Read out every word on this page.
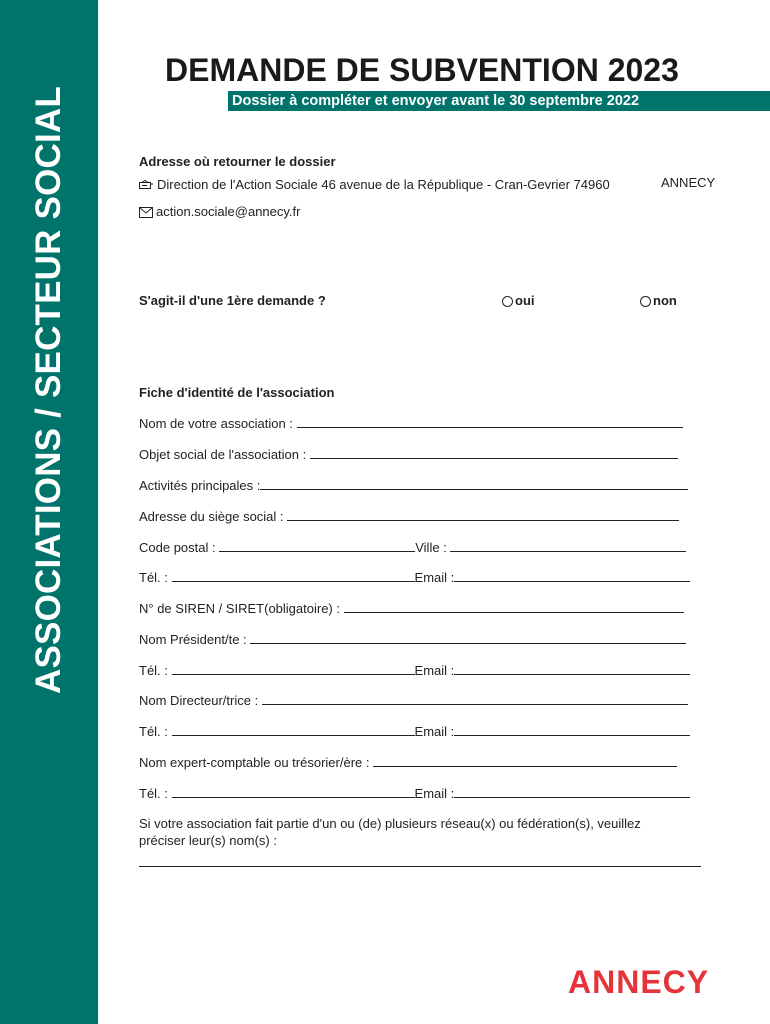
ASSOCIATIONS / SECTEUR SOCIAL
DEMANDE DE SUBVENTION 2023
Dossier à compléter et envoyer avant le 30 septembre 2022
Adresse où retourner le dossier
Direction de l'Action Sociale 46 avenue de la République - Cran-Gevrier 74960	ANNECY
action.sociale@annecy.fr
S'agit-il d'une 1ère demande ?	oui	non
Fiche d'identité de l'association
Nom de votre association :
Objet social de l'association :
Activités principales :
Adresse du siège social :
Code postal :	Ville :
Tél. :	Email :
N° de SIREN / SIRET(obligatoire) :
Nom Président/te :
Tél. :	Email :
Nom Directeur/trice :
Tél. :	Email :
Nom expert-comptable ou trésorier/ère :
Tél. :	Email :
Si votre association fait partie d'un ou (de) plusieurs réseau(x) ou fédération(s), veuillez
préciser leur(s) nom(s) :
ANNECY
